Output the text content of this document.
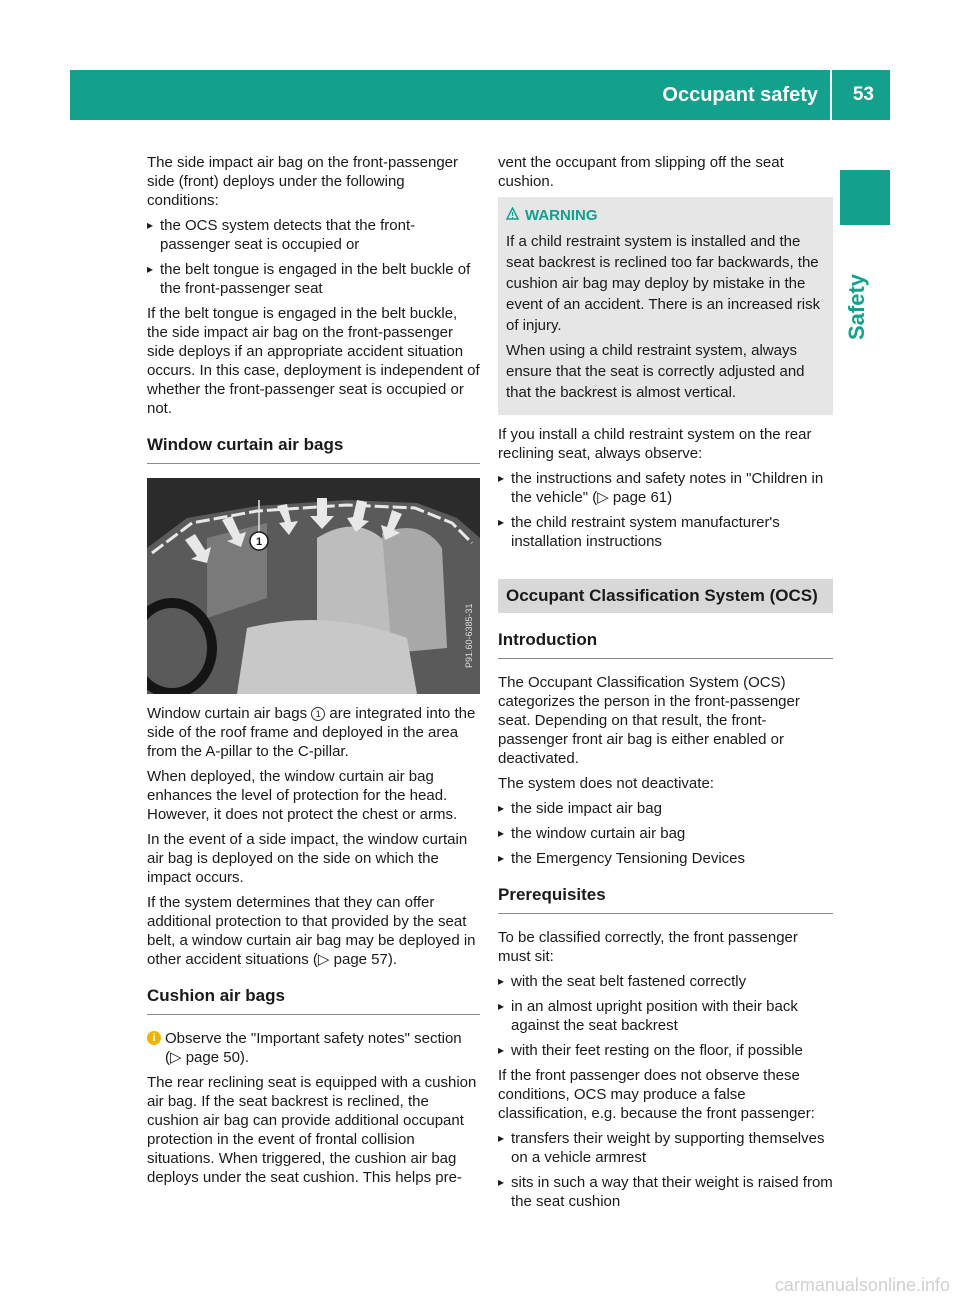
Occupant safety 53
Safety

The side impact air bag on the front-passenger side (front) deploys under the following conditions:

▸ the OCS system detects that the front-passenger seat is occupied or
▸ the belt tongue is engaged in the belt buckle of the front-passenger seat

If the belt tongue is engaged in the belt buckle, the side impact air bag on the front-passenger side deploys if an appropriate accident situation occurs. In this case, deployment is independent of whether the front-passenger seat is occupied or not.

Window curtain air bags
1
P91.60-6385-31

Window curtain air bags 1 are integrated into the side of the roof frame and deployed in the area from the A-pillar to the C-pillar.

When deployed, the window curtain air bag enhances the level of protection for the head. However, it does not protect the chest or arms.

In the event of a side impact, the window curtain air bag is deployed on the side on which the impact occurs.

If the system determines that they can offer additional protection to that provided by the seat belt, a window curtain air bag may be deployed in other accident situations (▷ page 57).

Cushion air bags
i Observe the "Important safety notes" section (▷ page 50).

The rear reclining seat is equipped with a cushion air bag. If the seat backrest is reclined, the cushion air bag can provide additional occupant protection in the event of frontal collision situations. When triggered, the cushion air bag deploys under the seat cushion. This helps pre-

vent the occupant from slipping off the seat cushion.

WARNING

If a child restraint system is installed and the seat backrest is reclined too far backwards, the cushion air bag may deploy by mistake in the event of an accident. There is an increased risk of injury.

When using a child restraint system, always ensure that the seat is correctly adjusted and that the backrest is almost vertical.

If you install a child restraint system on the rear reclining seat, always observe:

▸ the instructions and safety notes in "Children in the vehicle" (▷ page 61)
▸ the child restraint system manufacturer's installation instructions
Occupant Classification System (OCS)
Introduction

The Occupant Classification System (OCS) categorizes the person in the front-passenger seat. Depending on that result, the front-passenger front air bag is either enabled or deactivated.

The system does not deactivate:

▸ the side impact air bag
▸ the window curtain air bag
▸ the Emergency Tensioning Devices
Prerequisites

To be classified correctly, the front passenger must sit:

▸ with the seat belt fastened correctly
▸ in an almost upright position with their back against the seat backrest
▸ with their feet resting on the floor, if possible

If the front passenger does not observe these conditions, OCS may produce a false classification, e.g. because the front passenger:

▸ transfers their weight by supporting themselves on a vehicle armrest
▸ sits in such a way that their weight is raised from the seat cushion
carmanualsonline.info
